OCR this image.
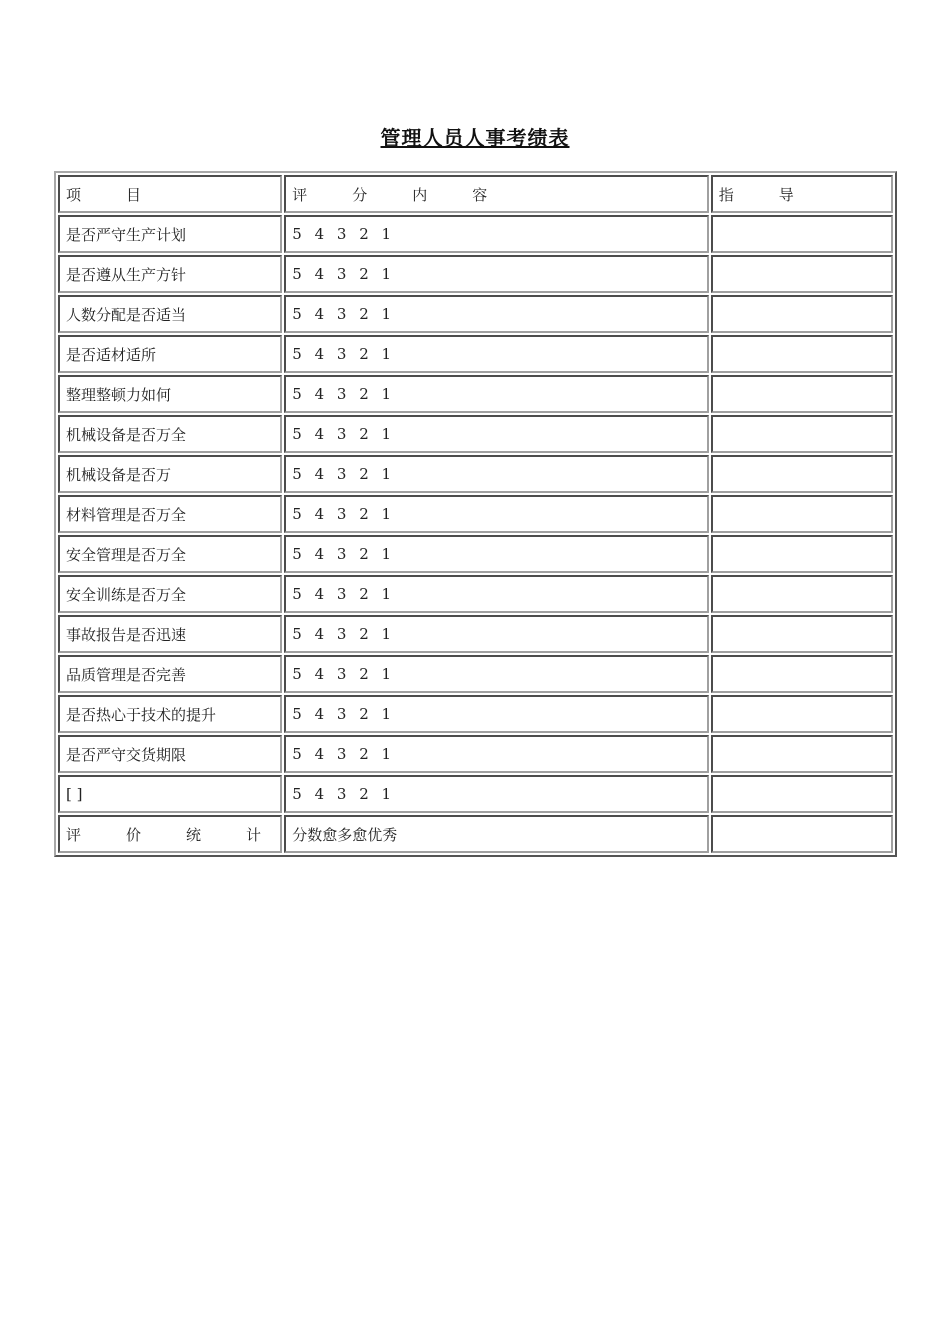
管理人员人事考绩表
项　目	评　分　内　容	指　导
是否严守生产计划	5 4 3 2 1	
是否遵从生产方针	5 4 3 2 1	
人数分配是否适当	5 4 3 2 1	
是否适材适所	5 4 3 2 1	
整理整顿力如何	5 4 3 2 1	
机械设备是否万全	5 4 3 2 1	
机械设备是否万	5 4 3 2 1	
材料管理是否万全	5 4 3 2 1	
安全管理是否万全	5 4 3 2 1	
安全训练是否万全	5 4 3 2 1	
事故报告是否迅速	5 4 3 2 1	
品质管理是否完善	5 4 3 2 1	
是否热心于技术的提升	5 4 3 2 1	
是否严守交货期限	5 4 3 2 1	
[ ]	5 4 3 2 1	
评　价　统　计	分数愈多愈优秀	
